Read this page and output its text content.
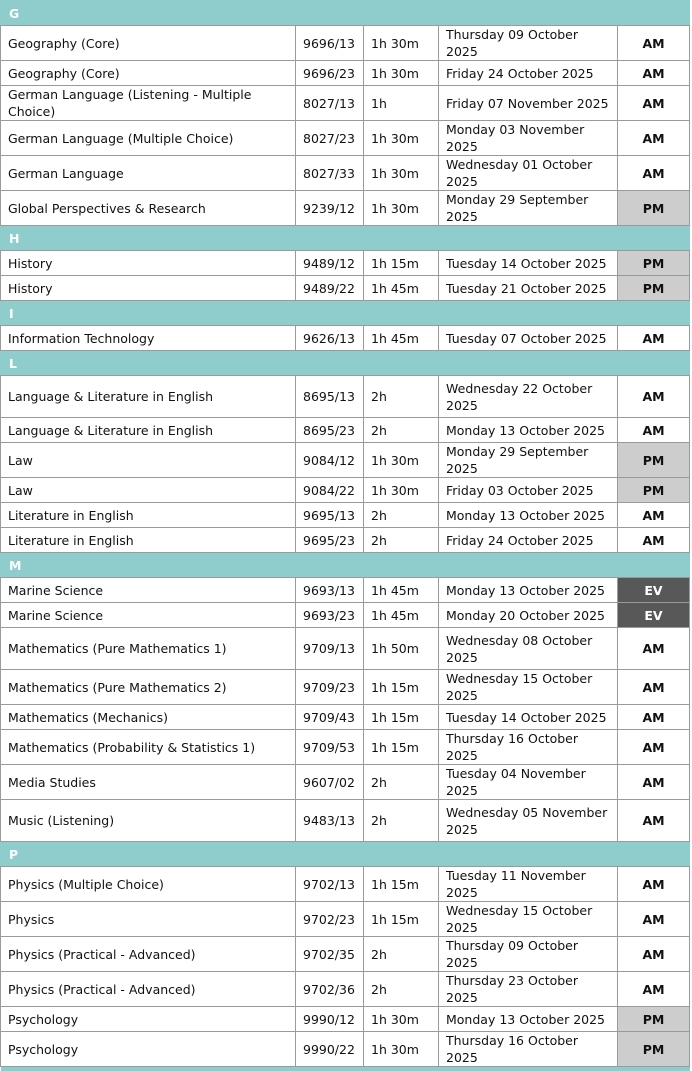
G				
Geography (Core)	9696/13	1h 30m	Thursday 09 October 2025	AM
Geography (Core)	9696/23	1h 30m	Friday 24 October 2025	AM
German Language (Listening - Multiple Choice)	8027/13	1h	Friday 07 November 2025	AM
German Language (Multiple Choice)	8027/23	1h 30m	Monday 03 November 2025	AM
German Language	8027/33	1h 30m	Wednesday 01 October 2025	AM
Global Perspectives & Research	9239/12	1h 30m	Monday 29 September 2025	PM
H				
History	9489/12	1h 15m	Tuesday 14 October 2025	PM
History	9489/22	1h 45m	Tuesday 21 October 2025	PM
I				
Information Technology	9626/13	1h 45m	Tuesday 07 October 2025	AM
L				
Language & Literature in English	8695/13	2h	Wednesday 22 October 2025	AM
Language & Literature in English	8695/23	2h	Monday 13 October 2025	AM
Law	9084/12	1h 30m	Monday 29 September 2025	PM
Law	9084/22	1h 30m	Friday 03 October 2025	PM
Literature in English	9695/13	2h	Monday 13 October 2025	AM
Literature in English	9695/23	2h	Friday 24 October 2025	AM
M				
Marine Science	9693/13	1h 45m	Monday 13 October 2025	EV
Marine Science	9693/23	1h 45m	Monday 20 October 2025	EV
Mathematics (Pure Mathematics 1)	9709/13	1h 50m	Wednesday 08 October 2025	AM
Mathematics (Pure Mathematics 2)	9709/23	1h 15m	Wednesday 15 October 2025	AM
Mathematics (Mechanics)	9709/43	1h 15m	Tuesday 14 October 2025	AM
Mathematics (Probability & Statistics 1)	9709/53	1h 15m	Thursday 16 October 2025	AM
Media Studies	9607/02	2h	Tuesday 04 November 2025	AM
Music (Listening)	9483/13	2h	Wednesday 05 November 2025	AM
P				
Physics (Multiple Choice)	9702/13	1h 15m	Tuesday 11 November 2025	AM
Physics	9702/23	1h 15m	Wednesday 15 October 2025	AM
Physics (Practical - Advanced)	9702/35	2h	Thursday 09 October 2025	AM
Physics (Practical - Advanced)	9702/36	2h	Thursday 23 October 2025	AM
Psychology	9990/12	1h 30m	Monday 13 October 2025	PM
Psychology	9990/22	1h 30m	Thursday 16 October 2025	PM
